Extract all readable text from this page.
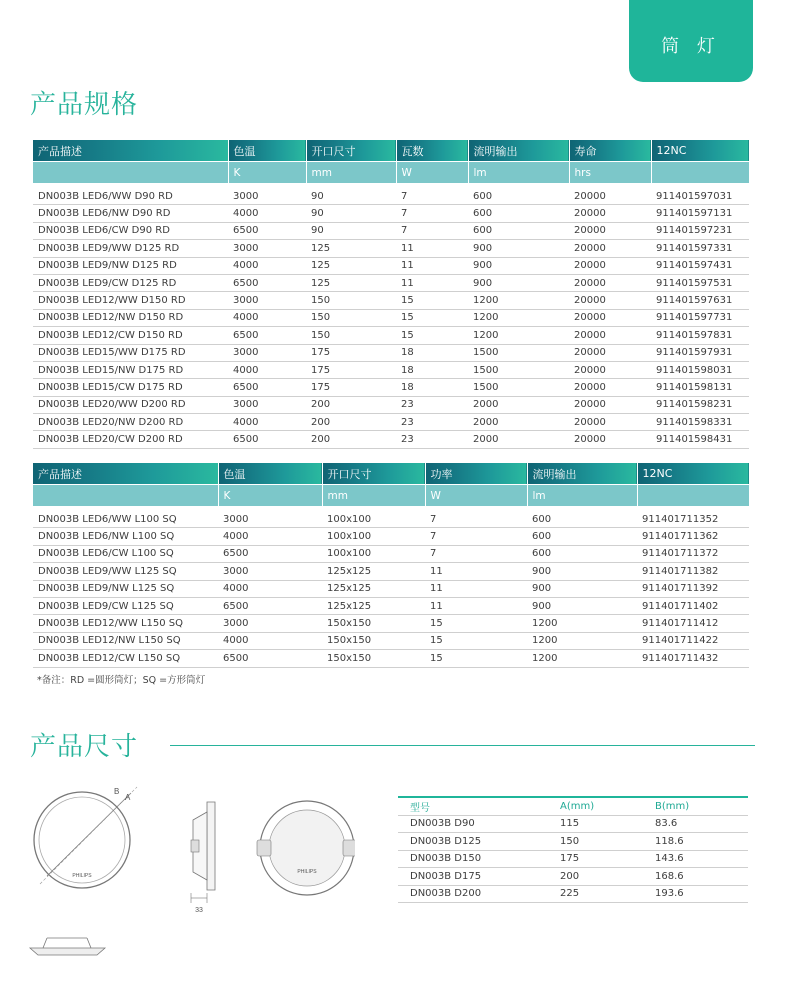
筒 灯
产品规格
产品描述	色温	开口尺寸	瓦数	流明输出	寿命	12NC
	K	mm	W	lm	hrs	

DN003B LED6/WW D90 RD	3000	90	7	600	20000	911401597031
DN003B LED6/NW D90 RD	4000	90	7	600	20000	911401597131
DN003B LED6/CW D90 RD	6500	90	7	600	20000	911401597231
DN003B LED9/WW D125 RD	3000	125	11	900	20000	911401597331
DN003B LED9/NW D125 RD	4000	125	11	900	20000	911401597431
DN003B LED9/CW D125 RD	6500	125	11	900	20000	911401597531
DN003B LED12/WW D150 RD	3000	150	15	1200	20000	911401597631
DN003B LED12/NW D150 RD	4000	150	15	1200	20000	911401597731
DN003B LED12/CW D150 RD	6500	150	15	1200	20000	911401597831
DN003B LED15/WW D175 RD	3000	175	18	1500	20000	911401597931
DN003B LED15/NW D175 RD	4000	175	18	1500	20000	911401598031
DN003B LED15/CW D175 RD	6500	175	18	1500	20000	911401598131
DN003B LED20/WW D200 RD	3000	200	23	2000	20000	911401598231
DN003B LED20/NW D200 RD	4000	200	23	2000	20000	911401598331
DN003B LED20/CW D200 RD	6500	200	23	2000	20000	911401598431
产品描述	色温	开口尺寸	功率	流明输出	12NC
	K	mm	W	lm	

DN003B LED6/WW L100 SQ	3000	100x100	7	600	911401711352
DN003B LED6/NW L100 SQ	4000	100x100	7	600	911401711362
DN003B LED6/CW L100 SQ	6500	100x100	7	600	911401711372
DN003B LED9/WW L125 SQ	3000	125x125	11	900	911401711382
DN003B LED9/NW L125 SQ	4000	125x125	11	900	911401711392
DN003B LED9/CW L125 SQ	6500	125x125	11	900	911401711402
DN003B LED12/WW L150 SQ	3000	150x150	15	1200	911401711412
DN003B LED12/NW L150 SQ	4000	150x150	15	1200	911401711422
DN003B LED12/CW L150 SQ	6500	150x150	15	1200	911401711432
*备注：RD =圆形筒灯；SQ =方形筒灯
产品尺寸
B
A
PHILIPS
33
PHILIPS
型号	A(mm)	B(mm)
DN003B D90	115	83.6
DN003B D125	150	118.6
DN003B D150	175	143.6
DN003B D175	200	168.6
DN003B D200	225	193.6
